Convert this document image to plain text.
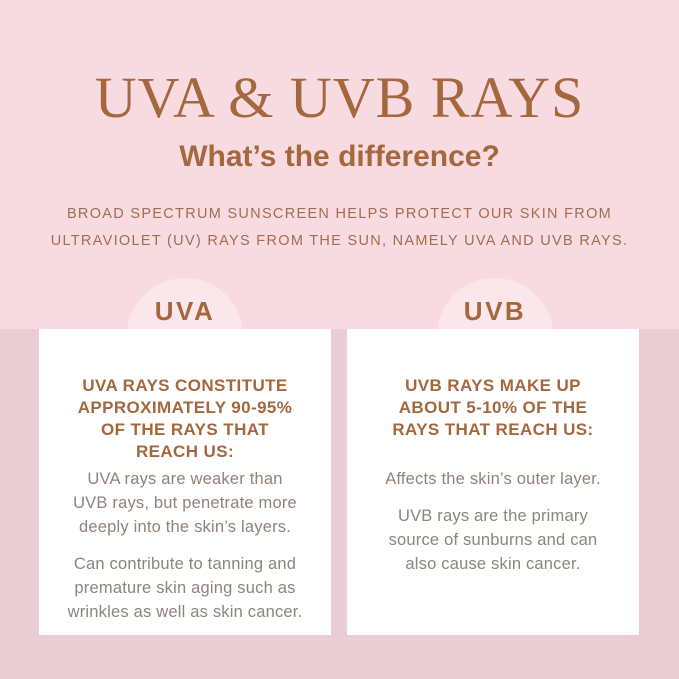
UVA & UVB RAYS
What’s the difference?
BROAD SPECTRUM SUNSCREEN HELPS PROTECT OUR SKIN FROM
ULTRAVIOLET (UV) RAYS FROM THE SUN, NAMELY UVA AND UVB RAYS.
UVA	UVB
UVA RAYS CONSTITUTE
APPROXIMATELY 90-95%
OF THE RAYS THAT
REACH US:

UVA rays are weaker than
UVB rays, but penetrate more
deeply into the skin’s layers.

Can contribute to tanning and
premature skin aging such as
wrinkles as well as skin cancer.

UVB RAYS MAKE UP
ABOUT 5-10% OF THE
RAYS THAT REACH US:

Affects the skin’s outer layer.

UVB rays are the primary
source of sunburns and can
also cause skin cancer.
